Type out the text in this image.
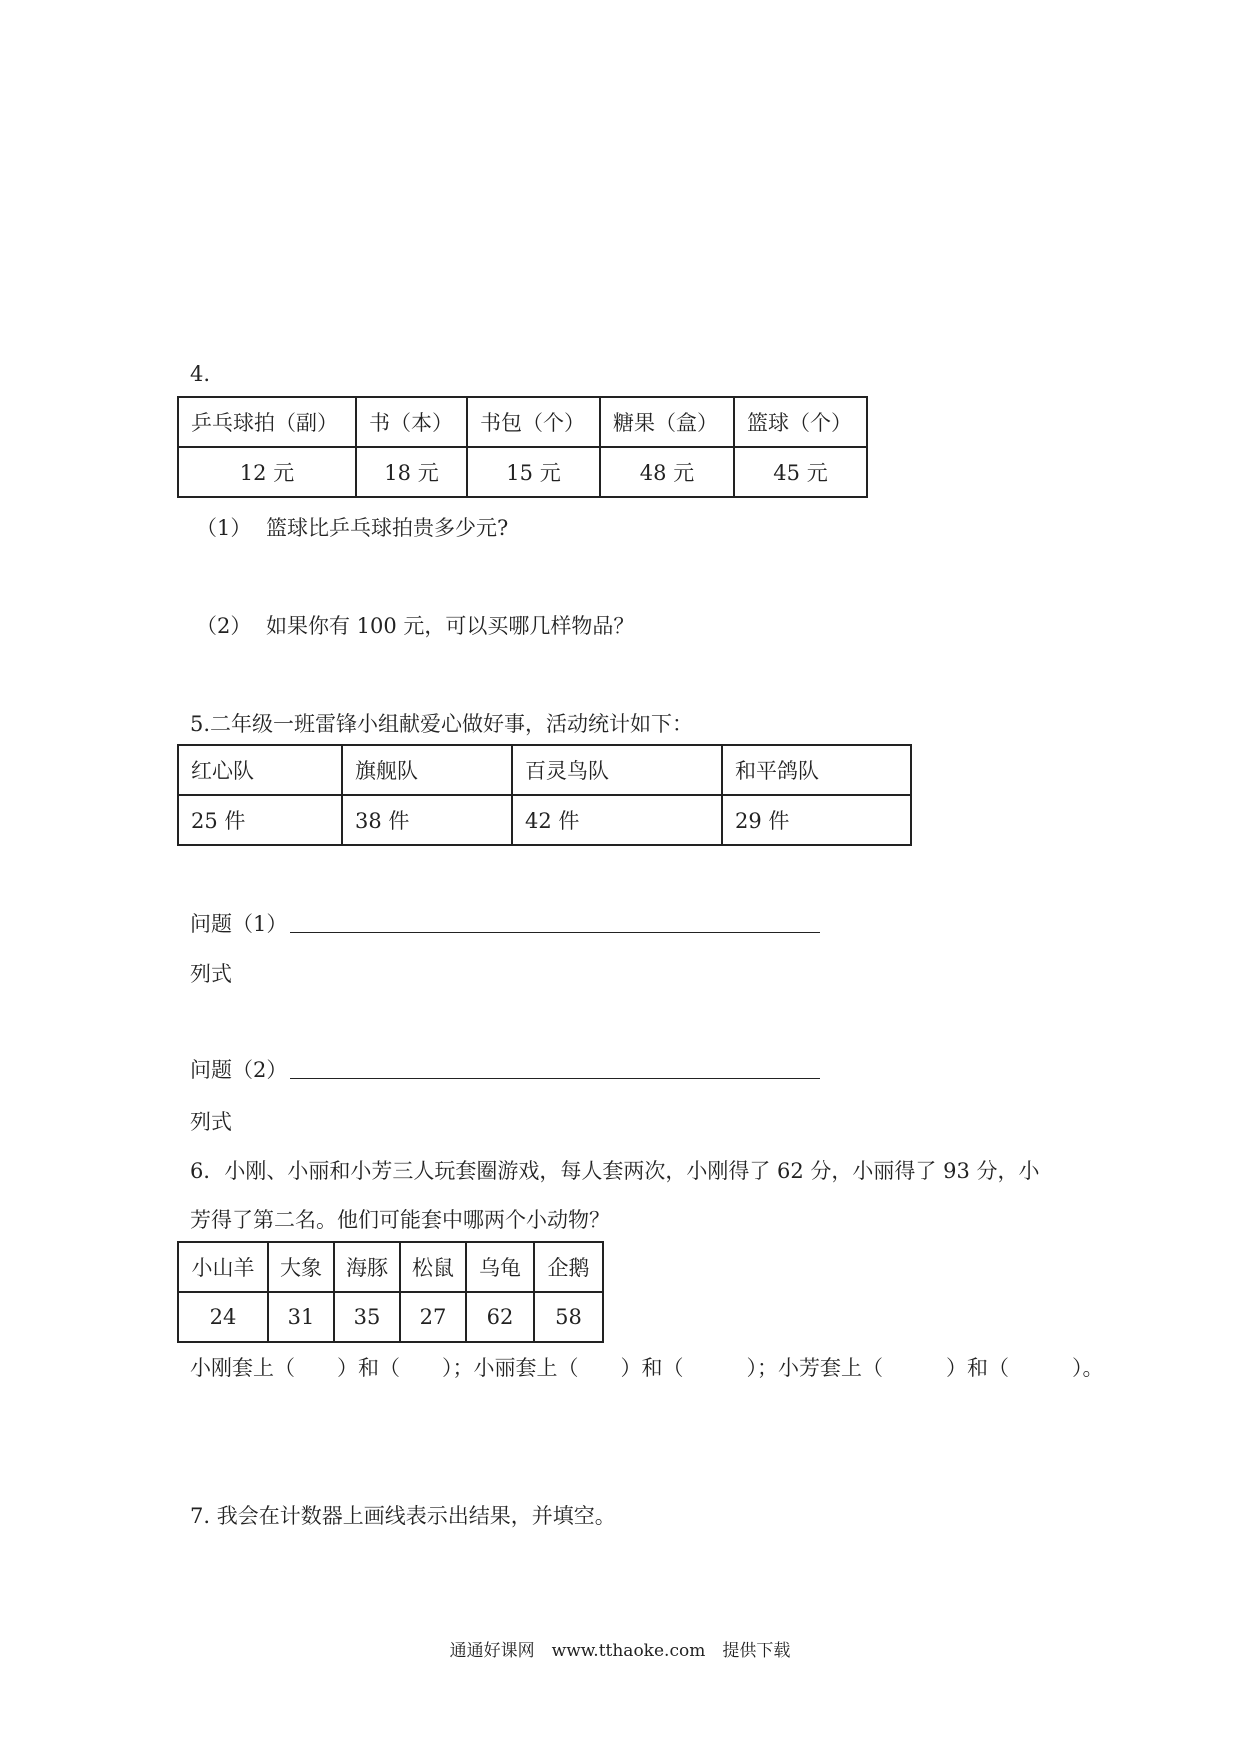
4.
乒乓球拍（副）	书（本）	书包（个）	糖果（盒）	篮球（个）
12 元	18 元	15 元	48 元	45 元
（1） 篮球比乒乓球拍贵多少元?
（2） 如果你有 100 元，可以买哪几样物品？
5.二年级一班雷锋小组献爱心做好事，活动统计如下：
红心队	旗舰队	百灵鸟队	和平鸽队
25 件	38 件	42 件	29 件
问题（1）
列式
问题（2）
列式
6．小刚、小丽和小芳三人玩套圈游戏，每人套两次，小刚得了 62 分，小丽得了 93 分，小
芳得了第二名。他们可能套中哪两个小动物？
小山羊	大象	海豚	松鼠	乌龟	企鹅
24	31	35	27	62	58
小刚套上（　　）和（　　）；小丽套上（　　）和（　　　）；小芳套上（　　　）和（　　　）。
7. 我会在计数器上画线表示出结果，并填空。
通通好课网　www.tthaoke.com　提供下载
